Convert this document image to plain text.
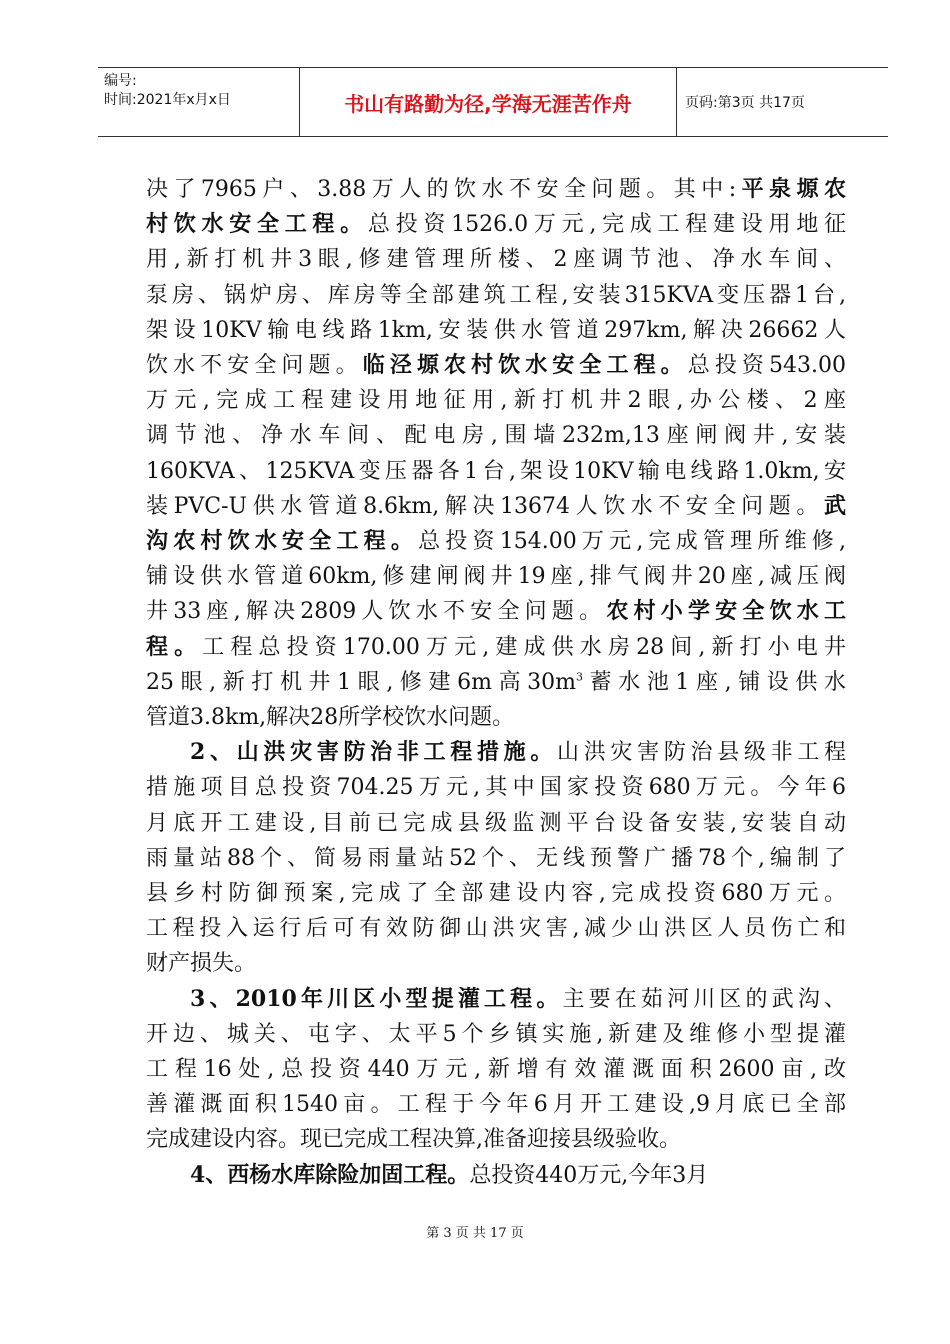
编号:
时间:2021年x月x日	书山有路勤为径,学海无涯苦作舟	页码:第3页 共17页
决了7965户、3.88万人的饮水不安全问题。其中:平泉塬农
村饮水安全工程。总投资1526.0万元,完成工程建设用地征
用,新打机井3眼,修建管理所楼、2座调节池、净水车间、
泵房、锅炉房、库房等全部建筑工程,安装315KVA变压器1台,
架设10KV输电线路1km,安装供水管道297km,解决26662人
饮水不安全问题。临泾塬农村饮水安全工程。总投资543.00
万元,完成工程建设用地征用,新打机井2眼,办公楼、2座
调节池、净水车间、配电房,围墙232m,13座闸阀井,安装
160KVA、125KVA变压器各1台,架设10KV输电线路1.0km,安
装PVC-U供水管道8.6km,解决13674人饮水不安全问题。武
沟农村饮水安全工程。总投资154.00万元,完成管理所维修,
铺设供水管道60km,修建闸阀井19座,排气阀井20座,减压阀
井33座,解决2809人饮水不安全问题。农村小学安全饮水工
程。工程总投资170.00万元,建成供水房28间,新打小电井
25眼,新打机井1眼,修建6m高$30m^3$蓄水池1座,铺设供水
管道3.8km,解决28所学校饮水问题。
2、山洪灾害防治非工程措施。山洪灾害防治县级非工程
措施项目总投资704.25万元,其中国家投资680万元。今年6
月底开工建设,目前已完成县级监测平台设备安装,安装自动
雨量站88个、简易雨量站52个、无线预警广播78个,编制了
县乡村防御预案,完成了全部建设内容,完成投资680万元。
工程投入运行后可有效防御山洪灾害,减少山洪区人员伤亡和
财产损失。
3、2010年川区小型提灌工程。主要在茹河川区的武沟、
开边、城关、屯字、太平5个乡镇实施,新建及维修小型提灌
工程16处,总投资440万元,新增有效灌溉面积2600亩,改
善灌溉面积1540亩。工程于今年6月开工建设,9月底已全部
完成建设内容。现已完成工程决算,准备迎接县级验收。
4、西杨水库除险加固工程。总投资440万元,今年3月
第 3 页 共 17 页
